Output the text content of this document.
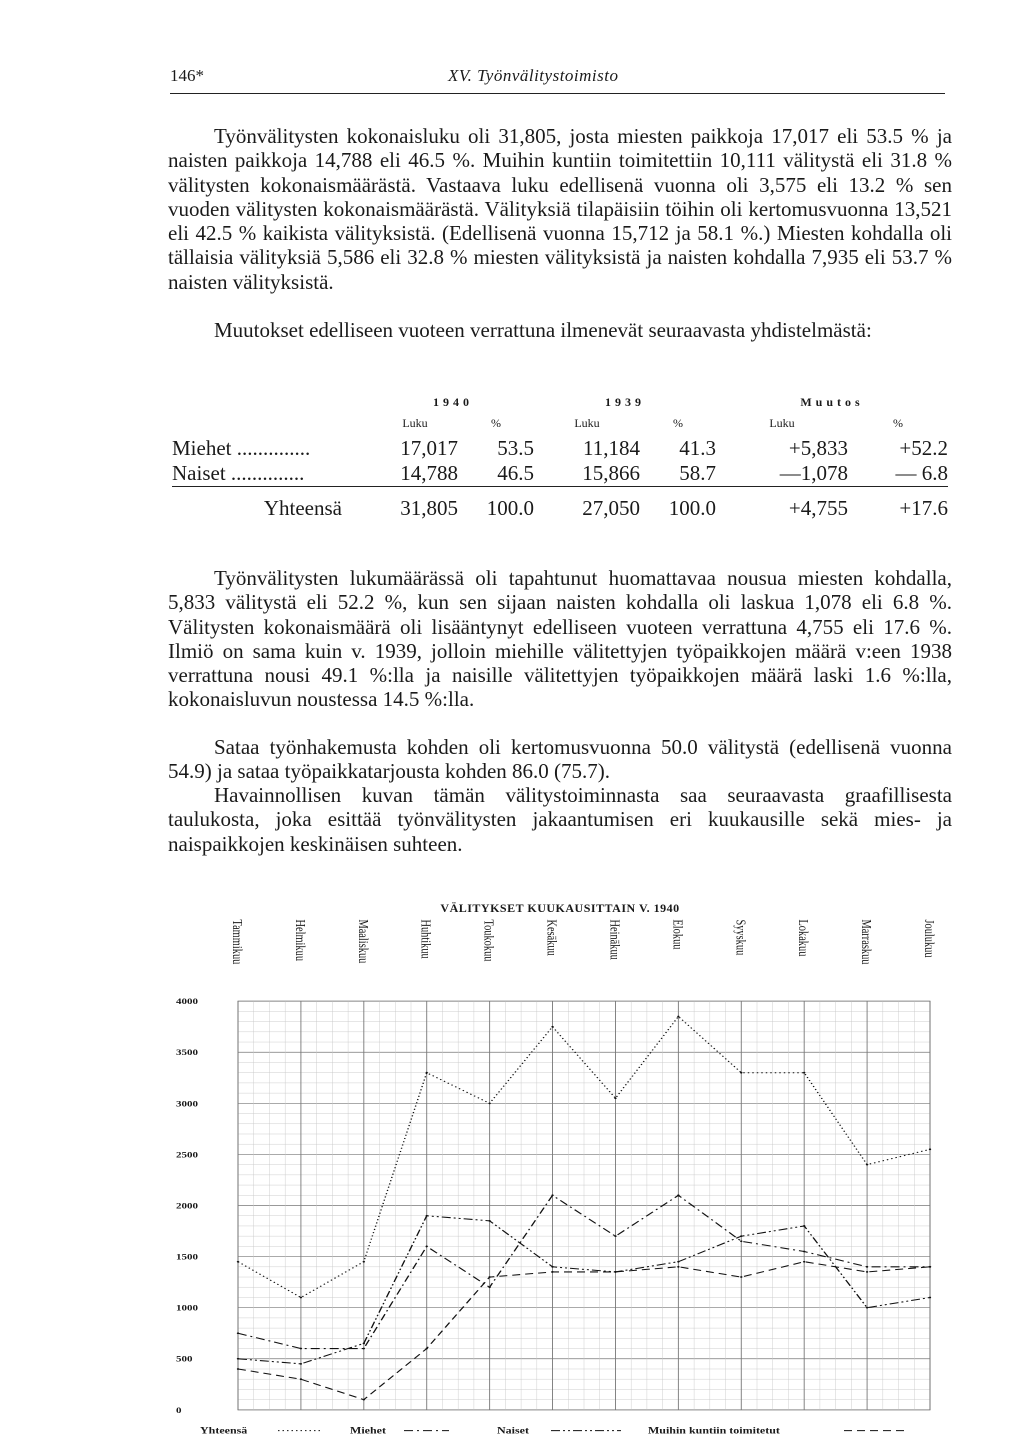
146*	XV. Työnvälitystoimisto

Työnvälitysten kokonaisluku oli 31,805, josta miesten paikkoja 17,017 eli 53.5 % ja naisten paikkoja 14,788 eli 46.5 %. Muihin kuntiin toimitettiin 10,111 välitystä eli 31.8 % välitysten kokonaismäärästä. Vastaava luku edellisenä vuonna oli 3,575 eli 13.2 % sen vuoden välitysten kokonaismäärästä. Välityksiä tilapäisiin töihin oli kertomusvuonna 13,521 eli 42.5 % kaikista välityksistä. (Edellisenä vuonna 15,712 ja 58.1 %.) Miesten kohdalla oli tällaisia välityksiä 5,586 eli 32.8 % miesten välityksistä ja naisten kohdalla 7,935 eli 53.7 % naisten välityksistä.

Muutokset edelliseen vuoteen verrattuna ilmenevät seuraavasta yhdistelmästä:

	1940		1939		Muutos	
	Luku	%	Luku	%	Luku	%
Miehet ..............	17,017	53.5	11,184	41.3	+5,833	+52.2
Naiset ..............	14,788	46.5	15,866	58.7	—1,078	— 6.8
Yhteensä	31,805	100.0	27,050	100.0	+4,755	+17.6

Työnvälitysten lukumäärässä oli tapahtunut huomattavaa nousua miesten kohdalla, 5,833 välitystä eli 52.2 %, kun sen sijaan naisten kohdalla oli laskua 1,078 eli 6.8 %. Välitysten kokonaismäärä oli lisääntynyt edelliseen vuoteen verrattuna 4,755 eli 17.6 %. Ilmiö on sama kuin v. 1939, jolloin miehille välitettyjen työpaikkojen määrä v:een 1938 verrattuna nousi 49.1 %:lla ja naisille välitettyjen työpaikkojen määrä laski 1.6 %:lla, kokonaisluvun noustessa 14.5 %:lla.

Sataa työnhakemusta kohden oli kertomusvuonna 50.0 välitystä (edellisenä vuonna 54.9) ja sataa työpaikkatarjousta kohden 86.0 (75.7).

Havainnollisen kuvan tämän välitystoiminnasta saa seuraavasta graafillisesta taulukosta, joka esittää työnvälitysten jakaantumisen eri kuukausille sekä mies- ja naispaikkojen keskinäisen suhteen.

VÄLITYKSET KUUKAUSITTAIN V. 1940
Tammikuu	Helmikuu	Maaliskuu	Huhtikuu	Toukokuu	Kesäkuu	Heinäkuu	Elokuu	Syyskuu	Lokakuu	Marraskuu	Joulukuu
0
500
1000
1500
2000
2500
3000
3500
4000
Yhteensä	Miehet	Naiset	Muihin kuntiin toimitetut
